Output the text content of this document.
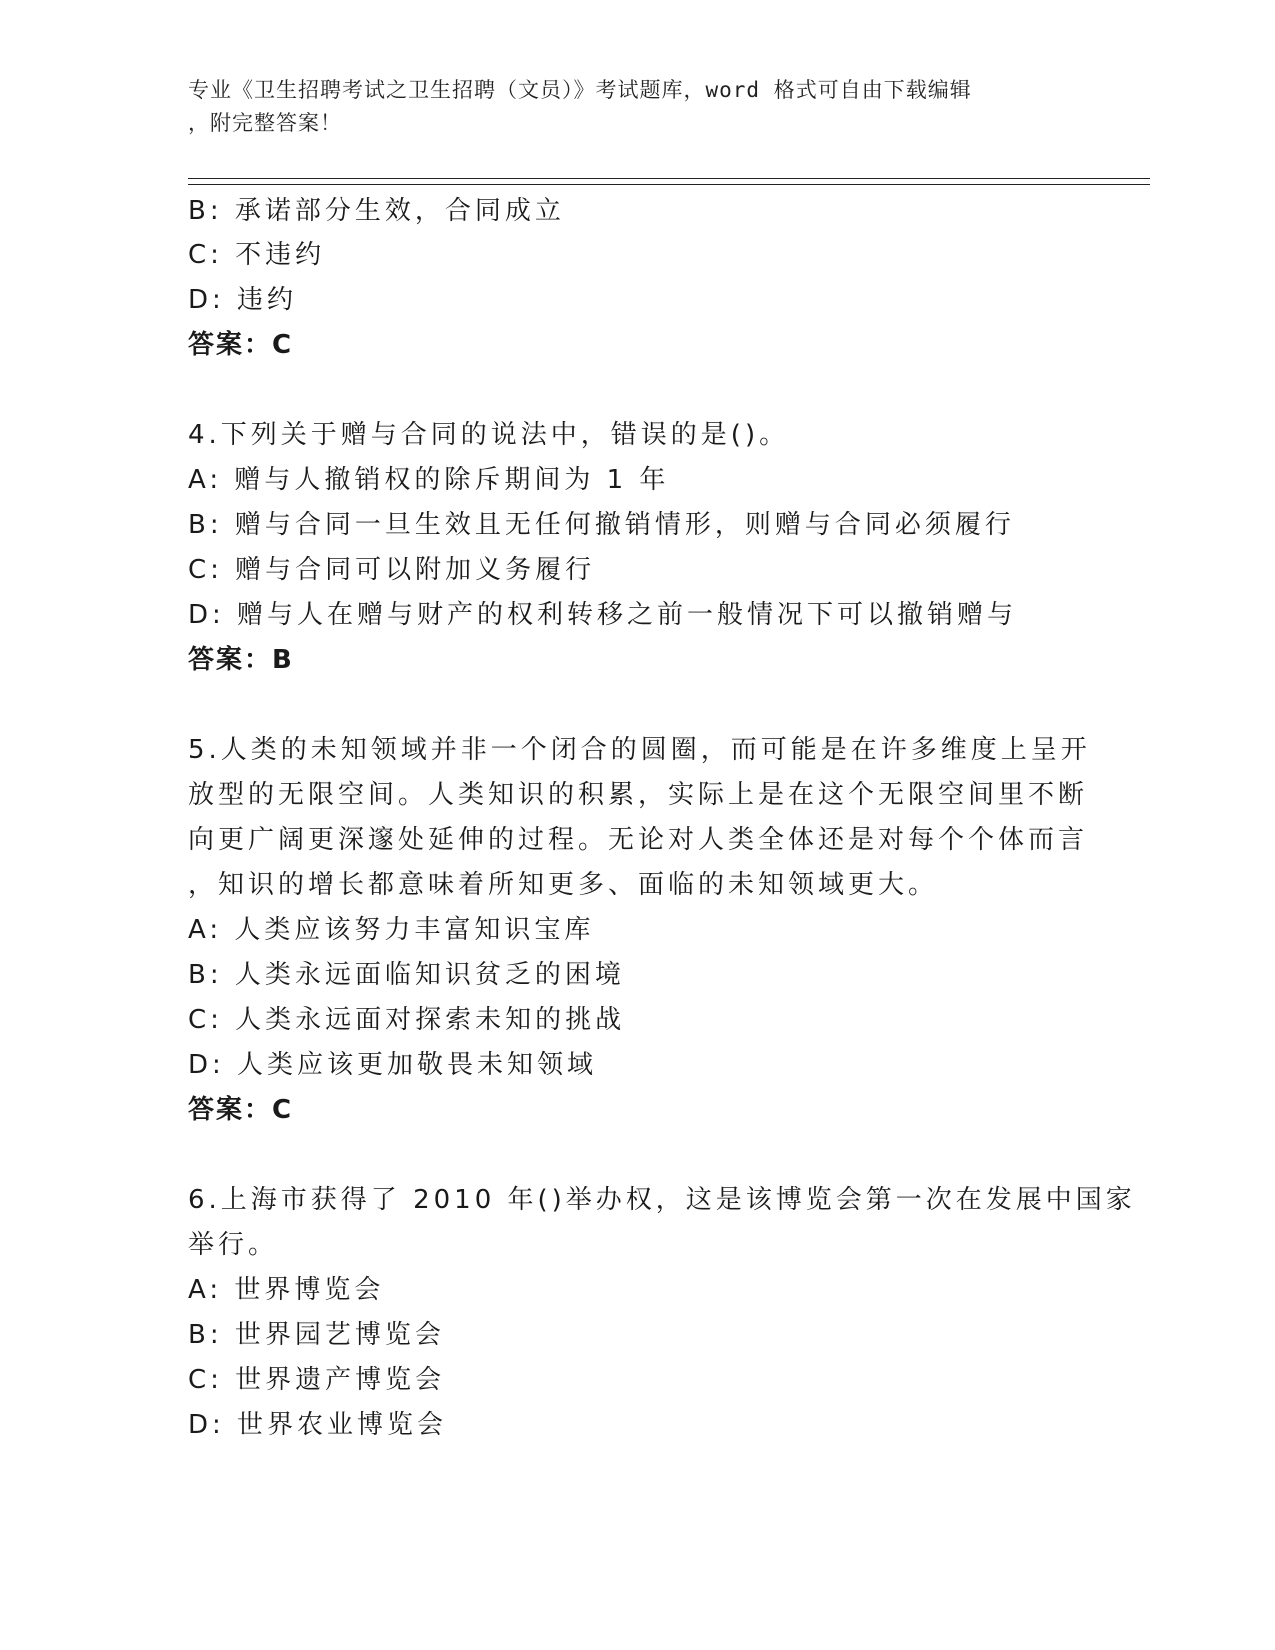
专业《卫生招聘考试之卫生招聘（文员）》考试题库，word 格式可自由下载编辑
，附完整答案！
B: 承诺部分生效，合同成立
C: 不违约
D: 违约
答案：C
4.下列关于赠与合同的说法中，错误的是()。
A: 赠与人撤销权的除斥期间为 1 年
B: 赠与合同一旦生效且无任何撤销情形，则赠与合同必须履行
C: 赠与合同可以附加义务履行
D: 赠与人在赠与财产的权利转移之前一般情况下可以撤销赠与
答案：B
5.人类的未知领域并非一个闭合的圆圈，而可能是在许多维度上呈开
放型的无限空间。人类知识的积累，实际上是在这个无限空间里不断
向更广阔更深邃处延伸的过程。无论对人类全体还是对每个个体而言
，知识的增长都意味着所知更多、面临的未知领域更大。
A: 人类应该努力丰富知识宝库
B: 人类永远面临知识贫乏的困境
C: 人类永远面对探索未知的挑战
D: 人类应该更加敬畏未知领域
答案：C
6.上海市获得了 2010 年()举办权，这是该博览会第一次在发展中国家
举行。
A: 世界博览会
B: 世界园艺博览会
C: 世界遗产博览会
D: 世界农业博览会
